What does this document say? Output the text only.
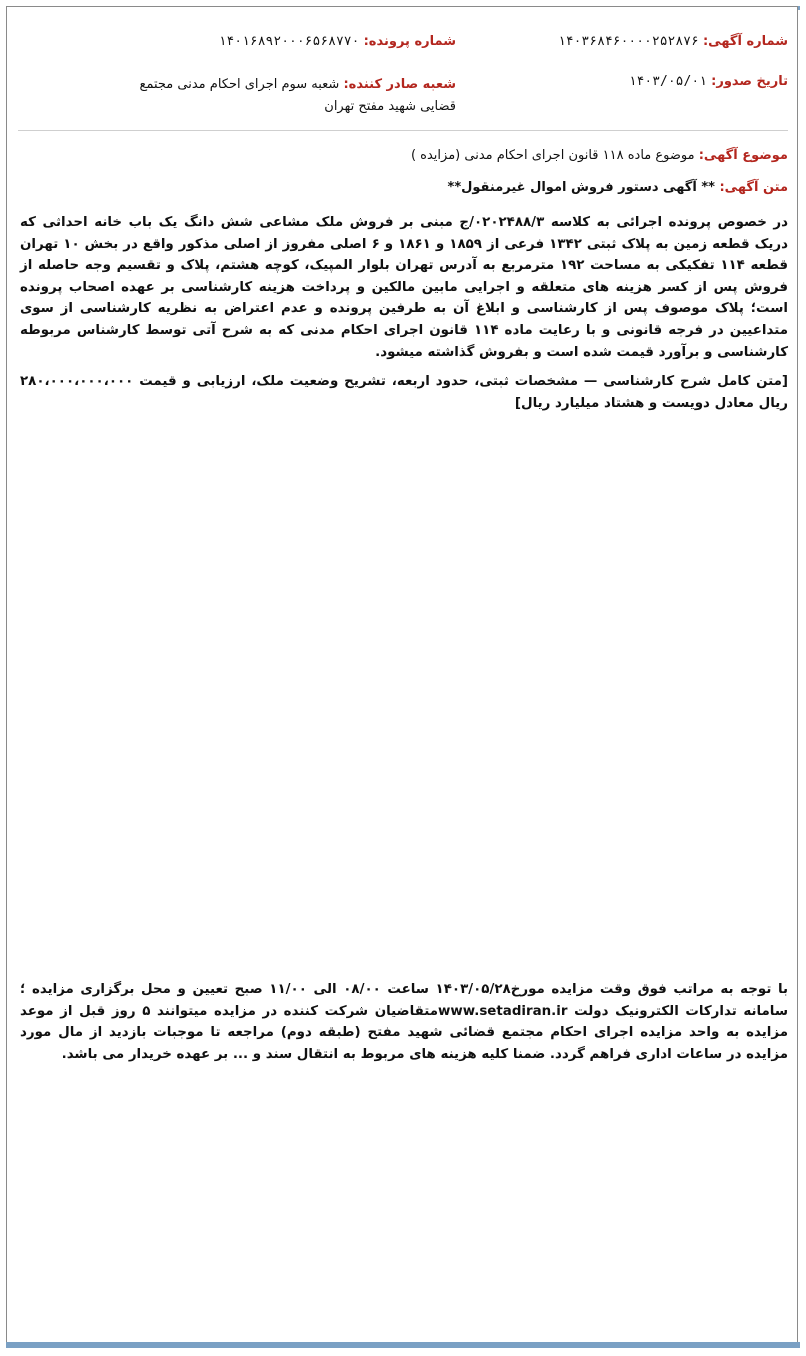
شماره آگهی: ۱۴۰۳۶۸۴۶۰۰۰۰۲۵۲۸۷۶
شماره پرونده: ۱۴۰۱۶۸۹۲۰۰۰۶۵۶۸۷۷۰
تاریخ صدور: ۱۴۰۳/۰۵/۰۱
شعبه صادر کننده: شعبه سوم اجرای احکام مدنی مجتمع قضایی شهید مفتح تهران
موضوع آگهی: موضوع ماده ۱۱۸ قانون اجرای احکام مدنی (مزایده )
متن آگهی: ** آگهی دستور فروش اموال غیرمنقول**

در خصوص پرونده اجرائی به کلاسه ۰۲۰۲۴۸۸/۳/ج مبنی بر فروش ملک مشاعی شش دانگ یک باب خانه احداثی که دریک قطعه زمین به پلاک ثبتی ۱۳۴۲ فرعی از ۱۸۵۹ و ۱۸۶۱ و ۶ اصلی مفروز از اصلی مذکور واقع در بخش ۱۰ تهران قطعه ۱۱۴ تفکیکی به مساحت ۱۹۲ مترمربع به آدرس تهران بلوار المپیک، کوچه هشتم، پلاک و تقسیم وجه حاصله از فروش پس از کسر هزینه های متعلقه و اجرایی مابین مالکین و پرداخت هزینه کارشناسی بر عهده اصحاب پرونده است؛ پلاک موصوف پس از کارشناسی و ابلاغ آن به طرفین پرونده و عدم اعتراض به نظریه کارشناسی از سوی متداعیین در فرجه قانونی و با رعایت ماده ۱۱۴ قانون اجرای احکام مدنی که به شرح آتی توسط کارشناس مربوطه کارشناسی و برآورد قیمت شده است و بفروش گذاشته میشود.

[متن کامل شرح کارشناسی — مشخصات ثبتی، حدود اربعه، تشریح وضعیت ملک، ارزیابی و قیمت ۲۸۰،۰۰۰،۰۰۰،۰۰۰ ریال معادل دویست و هشتاد میلیارد ریال]

با توجه به مراتب فوق وقت مزایده مورخ۱۴۰۳/۰۵/۲۸ ساعت ۰۸/۰۰ الی ۱۱/۰۰ صبح تعیین و محل برگزاری مزایده ؛سامانه تدارکات الکترونیک دولت www.setadiran.irمتقاضیان شرکت کننده در مزایده میتوانند ۵ روز قبل از موعد مزایده به واحد مزایده اجرای احکام مجتمع قضائی شهید مفتح (طبقه دوم) مراجعه تا موجبات بازدید از مال مورد مزایده در ساعات اداری فراهم گردد. ضمنا کلیه هزینه های مربوط به انتقال سند و ... بر عهده خریدار می باشد.
